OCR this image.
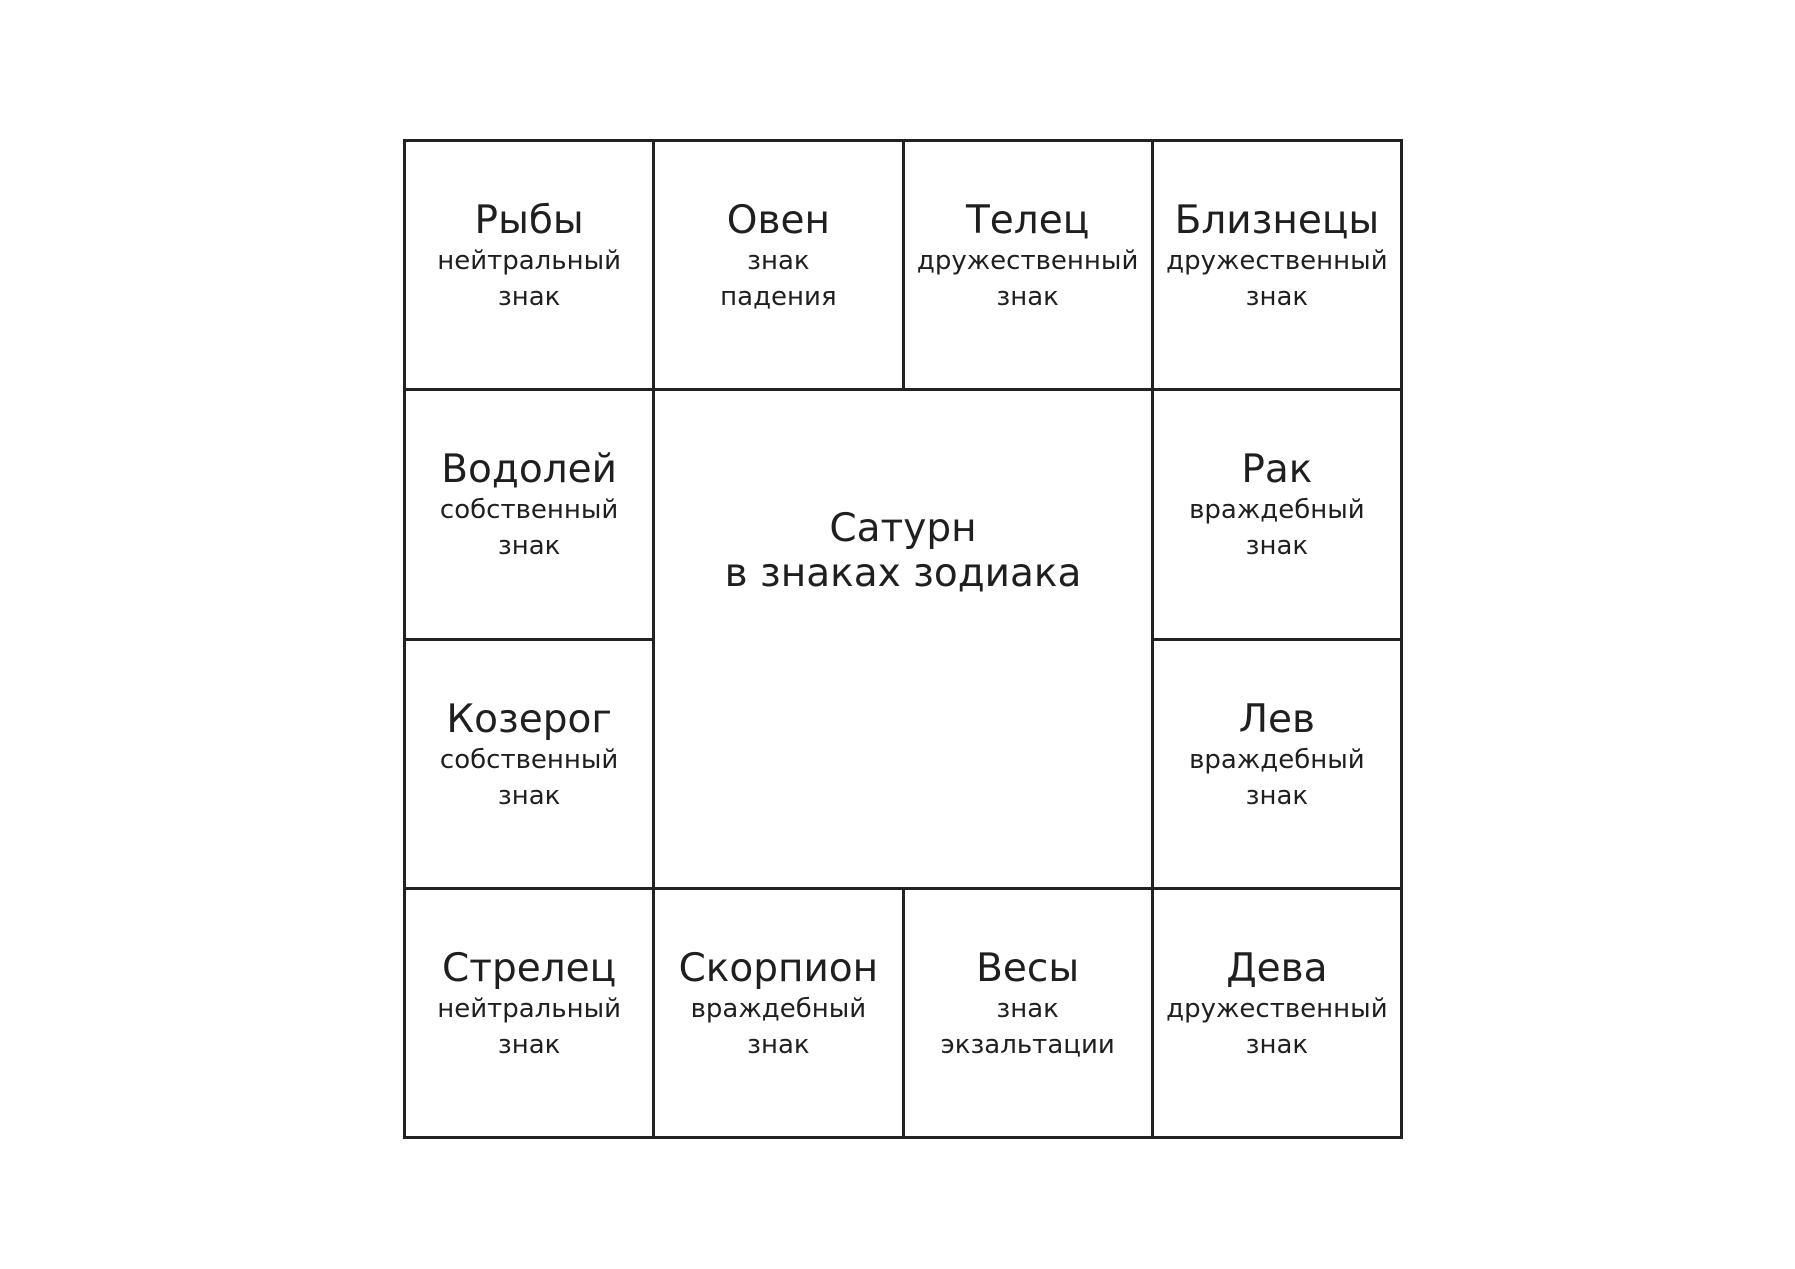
Рыбы
нейтральный знак
Овен
знак падения
Телец
дружественный знак
Близнецы
дружественный знак
Водолей
собственный знак	Сатурн
в знаках зодиака
Рак
враждебный знак
Козерог
собственный знак
Лев
враждебный знак
Стрелец
нейтральный знак
Скорпион
враждебный знак
Весы
знак экзальтации
Дева
дружественный знак
